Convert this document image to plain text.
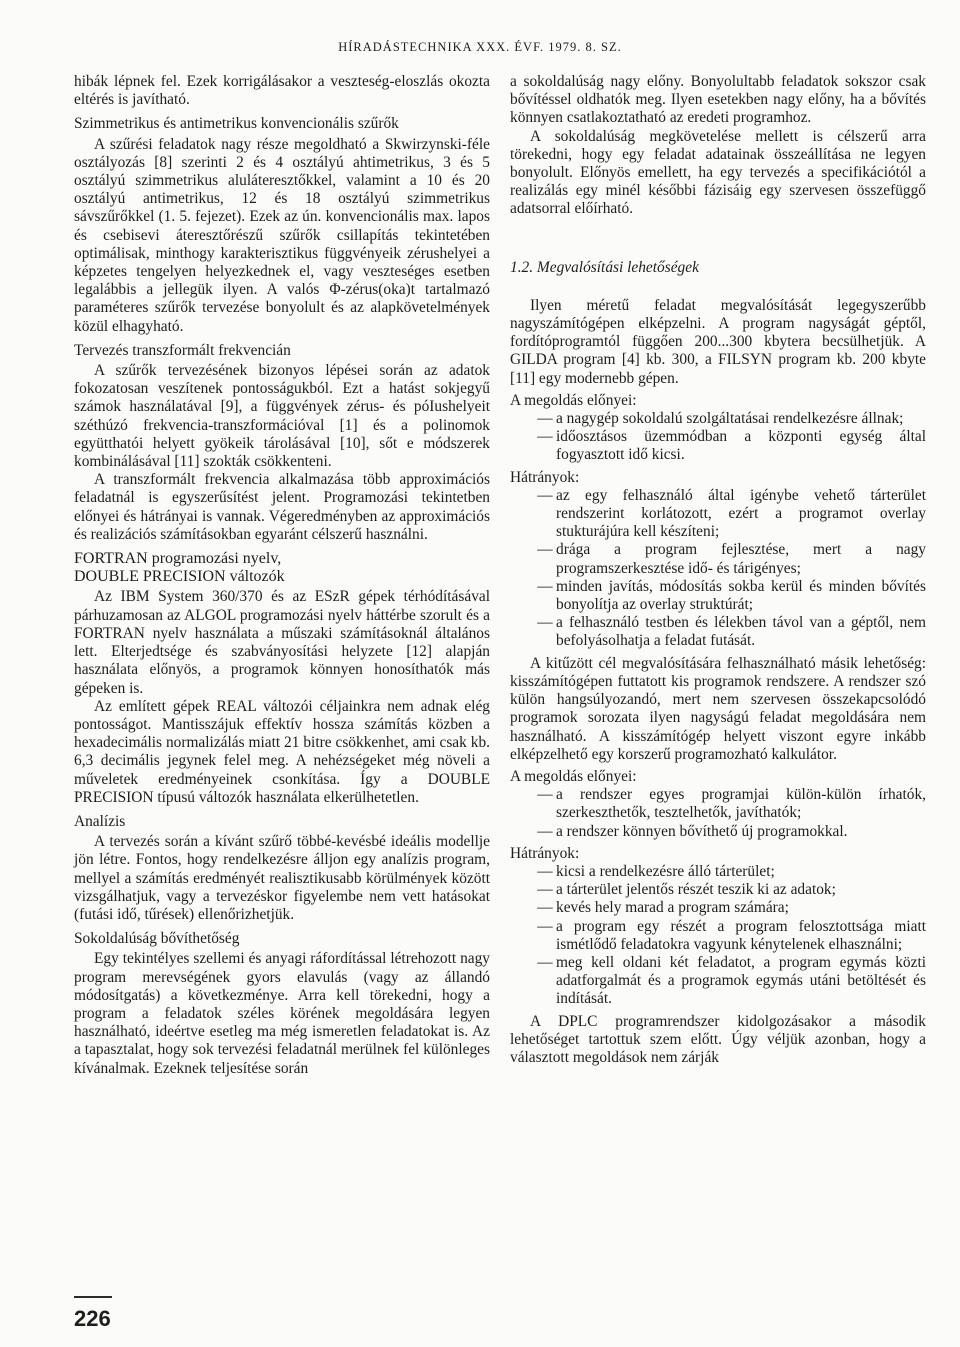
HÍRADÁSTECHNIKA XXX. ÉVF. 1979. 8. SZ.

hibák lépnek fel. Ezek korrigálásakor a veszteség-eloszlás okozta eltérés is javítható.

Szimmetrikus és antimetrikus konvencionális szűrők

A szűrési feladatok nagy része megoldható a Skwirzynski-féle osztályozás [8] szerinti 2 és 4 osztályú ahtimetrikus, 3 és 5 osztályú szimmetrikus aluláteresztőkkel, valamint a 10 és 20 osztályú antimetrikus, 12 és 18 osztályú szimmetrikus sávszűrőkkel (1. 5. fejezet). Ezek az ún. konvencionális max. lapos és csebisevi áteresztőrészű szűrők csillapítás tekintetében optimálisak, minthogy karakterisztikus függvényeik zérushelyei a képzetes tengelyen helyezkednek el, vagy veszteséges esetben legalábbis a jellegük ilyen. A valós Φ-zérus(oka)t tartalmazó paraméteres szűrők tervezése bonyolult és az alapkövetelmények közül elhagyható.

Tervezés transzformált frekvencián

A szűrők tervezésének bizonyos lépései során az adatok fokozatosan veszítenek pontosságukból. Ezt a hatást sokjegyű számok használatával [9], a függvények zérus- és póIushelyeit széthúzó frekvencia-transzformációval [1] és a polinomok együtthatói helyett gyökeik tárolásával [10], sőt e módszerek kombinálásával [11] szokták csökkenteni.

A transzformált frekvencia alkalmazása több approximációs feladatnál is egyszerűsítést jelent. Programozási tekintetben előnyei és hátrányai is vannak. Végeredményben az approximációs és realizációs számításokban egyaránt célszerű használni.

FORTRAN programozási nyelv,
DOUBLE PRECISION változók

Az IBM System 360/370 és az ESzR gépek térhódításával párhuzamosan az ALGOL programozási nyelv háttérbe szorult és a FORTRAN nyelv használata a műszaki számításoknál általános lett. Elterjedtsége és szabványosítási helyzete [12] alapján használata előnyös, a programok könnyen honosíthatók más gépeken is.

Az említett gépek REAL változói céljainkra nem adnak elég pontosságot. Mantisszájuk effektív hossza számítás közben a hexadecimális normalizálás miatt 21 bitre csökkenhet, ami csak kb. 6,3 decimális jegynek felel meg. A nehézségeket még növeli a műveletek eredményeinek csonkítása. Így a DOUBLE PRECISION típusú változók használata elkerülhetetlen.

Analízis

A tervezés során a kívánt szűrő többé-kevésbé ideális modellje jön létre. Fontos, hogy rendelkezésre álljon egy analízis program, mellyel a számítás eredményét realisztikusabb körülmények között vizsgálhatjuk, vagy a tervezéskor figyelembe nem vett hatásokat (futási idő, tűrések) ellenőrizhetjük.

Sokoldalúság bővíthetőség

Egy tekintélyes szellemi és anyagi ráfordítással létrehozott nagy program merevségének gyors elavulás (vagy az állandó módosítgatás) a következménye. Arra kell törekedni, hogy a program a feladatok széles körének megoldására legyen használható, ideértve esetleg ma még ismeretlen feladatokat is. Az a tapasztalat, hogy sok tervezési feladatnál merülnek fel különleges kívánalmak. Ezeknek teljesítése során

226

a sokoldalúság nagy előny. Bonyolultabb feladatok sokszor csak bővítéssel oldhatók meg. Ilyen esetekben nagy előny, ha a bővítés könnyen csatlakoztatható az eredeti programhoz.

A sokoldalúság megkövetelése mellett is célszerű arra törekedni, hogy egy feladat adatainak összeállítása ne legyen bonyolult. Előnyös emellett, ha egy tervezés a specifikációtól a realizálás egy minél későbbi fázisáig egy szervesen összefüggő adatsorral előírható.

1.2. Megvalósítási lehetőségek

Ilyen méretű feladat megvalósítását legegyszerűbb nagyszámítógépen elképzelni. A program nagyságát géptől, fordítóprogramtól függően 200...300 kbytera becsülhetjük. A GILDA program [4] kb. 300, a FILSYN program kb. 200 kbyte [11] egy modernebb gépen.

A megoldás előnyei:
— a nagygép sokoldalú szolgáltatásai rendelkezésre állnak;
— időosztásos üzemmódban a központi egység által fogyasztott idő kicsi.
Hátrányok:
— az egy felhasználó által igénybe vehető tárterület rendszerint korlátozott, ezért a programot overlay stukturájúra kell készíteni;
— drága a program fejlesztése, mert a nagy programszerkesztése idő- és tárigényes;
— minden javítás, módosítás sokba kerül és minden bővítés bonyolítja az overlay struktúrát;
— a felhasználó testben és lélekben távol van a géptől, nem befolyásolhatja a feladat futását.

A kitűzött cél megvalósítására felhasználható másik lehetőség: kisszámítógépen futtatott kis programok rendszere. A rendszer szó külön hangsúlyozandó, mert nem szervesen összekapcsolódó programok sorozata ilyen nagyságú feladat megoldására nem használható. A kisszámítógép helyett viszont egyre inkább elképzelhető egy korszerű programozható kalkulátor.

A megoldás előnyei:
— a rendszer egyes programjai külön-külön írhatók, szerkeszthetők, tesztelhetők, javíthatók;
— a rendszer könnyen bővíthető új programokkal.
Hátrányok:
— kicsi a rendelkezésre álló tárterület;
— a tárterület jelentős részét teszik ki az adatok;
— kevés hely marad a program számára;
— a program egy részét a program felosztottsága miatt ismétlődő feladatokra vagyunk kénytelenek elhasználni;
— meg kell oldani két feladatot, a program egymás közti adatforgalmát és a programok egymás utáni betöltését és indítását.

A DPLC programrendszer kidolgozásakor a második lehetőséget tartottuk szem előtt. Úgy véljük azonban, hogy a választott megoldások nem zárják
